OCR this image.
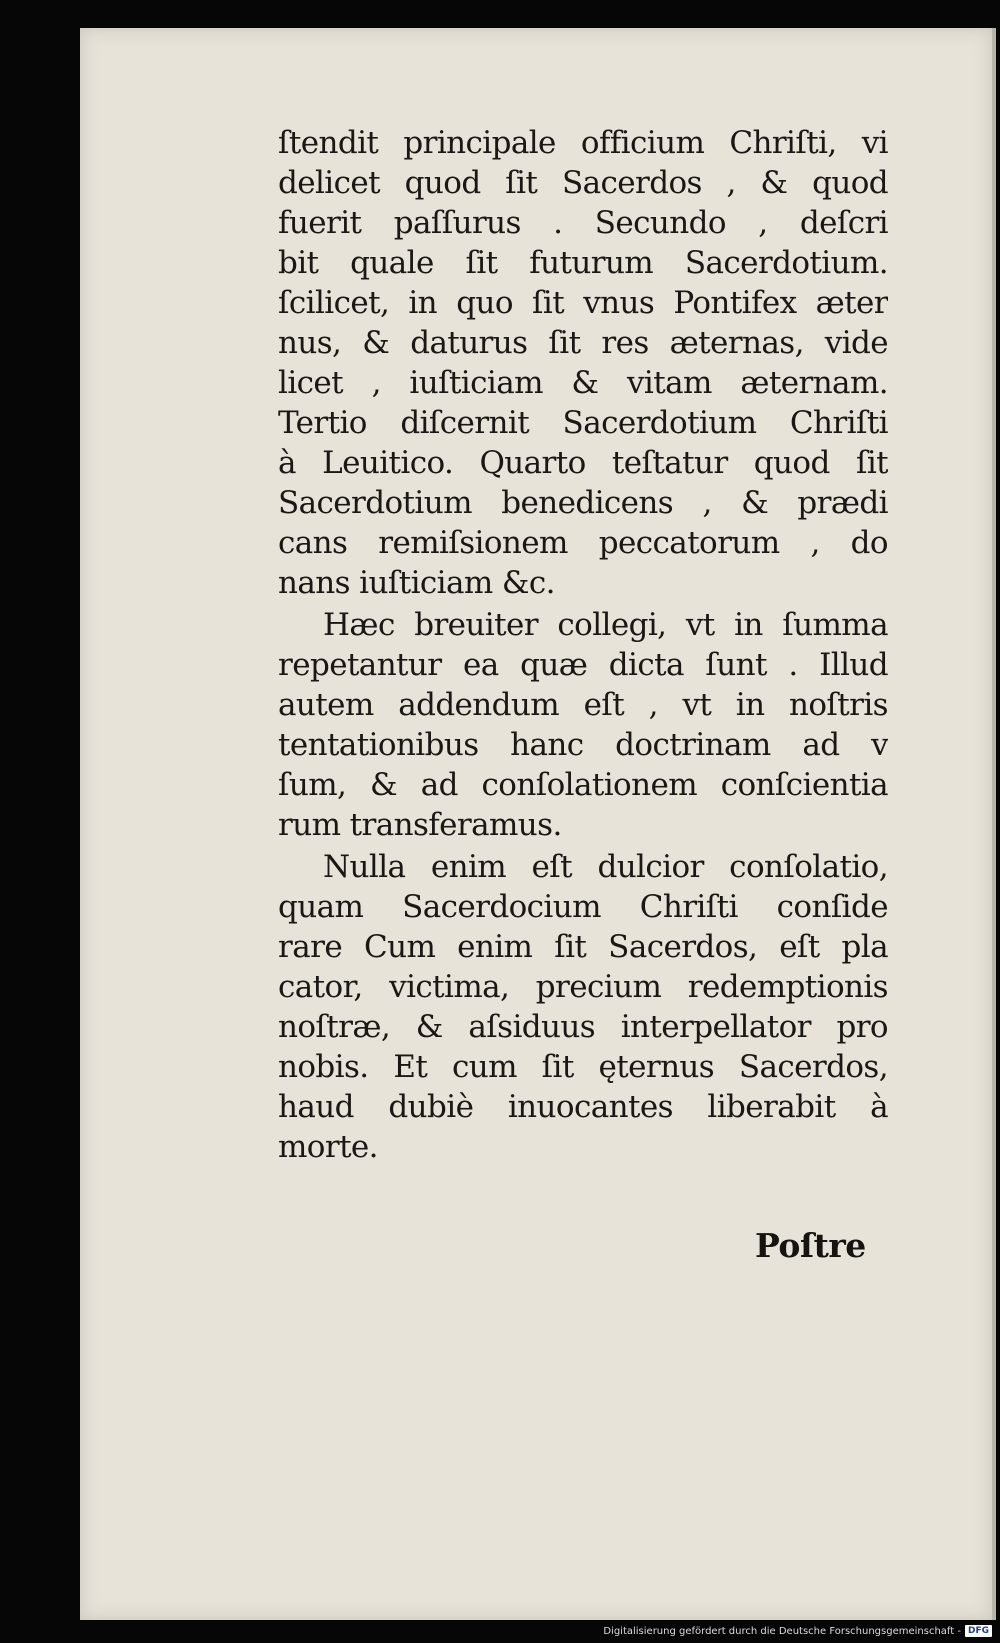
ſtendit principale officium Chriſti, vi
delicet quod ſit Sacerdos , & quod
fuerit paſſurus . Secundo , deſcri
bit quale ſit futurum Sacerdotium.
ſcilicet, in quo ſit vnus Pontifex æter
nus, & daturus ſit res æternas, vide
licet , iuſticiam & vitam æternam.
Tertio diſcernit Sacerdotium Chriſti
à Leuitico. Quarto teſtatur quod ſit
Sacerdotium benedicens , & prædi
cans remiſsionem peccatorum , do
nans iuſticiam &c.
Hæc breuiter collegi, vt in ſumma
repetantur ea quæ dicta ſunt . Illud
autem addendum eſt , vt in noſtris
tentationibus hanc doctrinam ad v
ſum, & ad conſolationem conſcientia
rum transferamus.
Nulla enim eſt dulcior conſolatio,
quam Sacerdocium Chriſti conſide
rare Cum enim ſit Sacerdos, eſt pla
cator, victima, precium redemptionis
noſtræ, & aſsiduus interpellator pro
nobis. Et cum ſit ęternus Sacerdos,
haud dubiè inuocantes liberabit à
morte.
Poſtre
Digitalisierung gefördert durch die Deutsche Forschungsgemeinschaft - DFG
